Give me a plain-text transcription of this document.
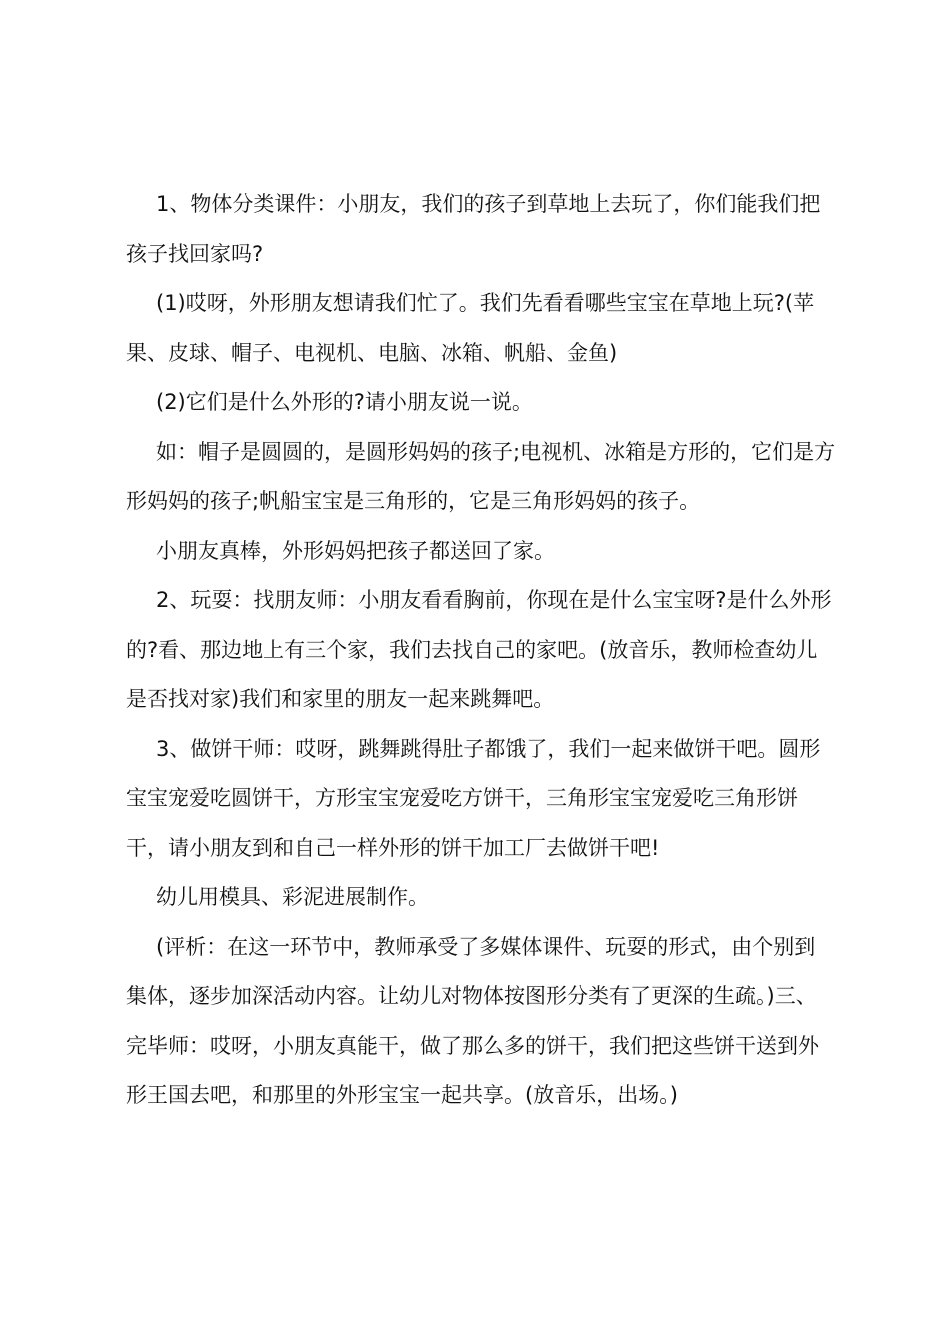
1、物体分类课件：小朋友，我们的孩子到草地上去玩了，你们能我们把孩子找回家吗?

(1)哎呀，外形朋友想请我们忙了。我们先看看哪些宝宝在草地上玩?(苹果、皮球、帽子、电视机、电脑、冰箱、帆船、金鱼)

(2)它们是什么外形的?请小朋友说一说。

如：帽子是圆圆的，是圆形妈妈的孩子;电视机、冰箱是方形的，它们是方形妈妈的孩子;帆船宝宝是三角形的，它是三角形妈妈的孩子。

小朋友真棒，外形妈妈把孩子都送回了家。

2、玩耍：找朋友师：小朋友看看胸前，你现在是什么宝宝呀?是什么外形的?看、那边地上有三个家，我们去找自己的家吧。(放音乐，教师检查幼儿是否找对家)我们和家里的朋友一起来跳舞吧。

3、做饼干师：哎呀，跳舞跳得肚子都饿了，我们一起来做饼干吧。圆形宝宝宠爱吃圆饼干，方形宝宝宠爱吃方饼干，三角形宝宝宠爱吃三角形饼干，请小朋友到和自己一样外形的饼干加工厂去做饼干吧!

幼儿用模具、彩泥进展制作。

(评析：在这一环节中，教师承受了多媒体课件、玩耍的形式，由个别到集体，逐步加深活动内容。让幼儿对物体按图形分类有了更深的生疏。)三、完毕师：哎呀，小朋友真能干，做了那么多的饼干，我们把这些饼干送到外形王国去吧，和那里的外形宝宝一起共享。(放音乐，出场。)
